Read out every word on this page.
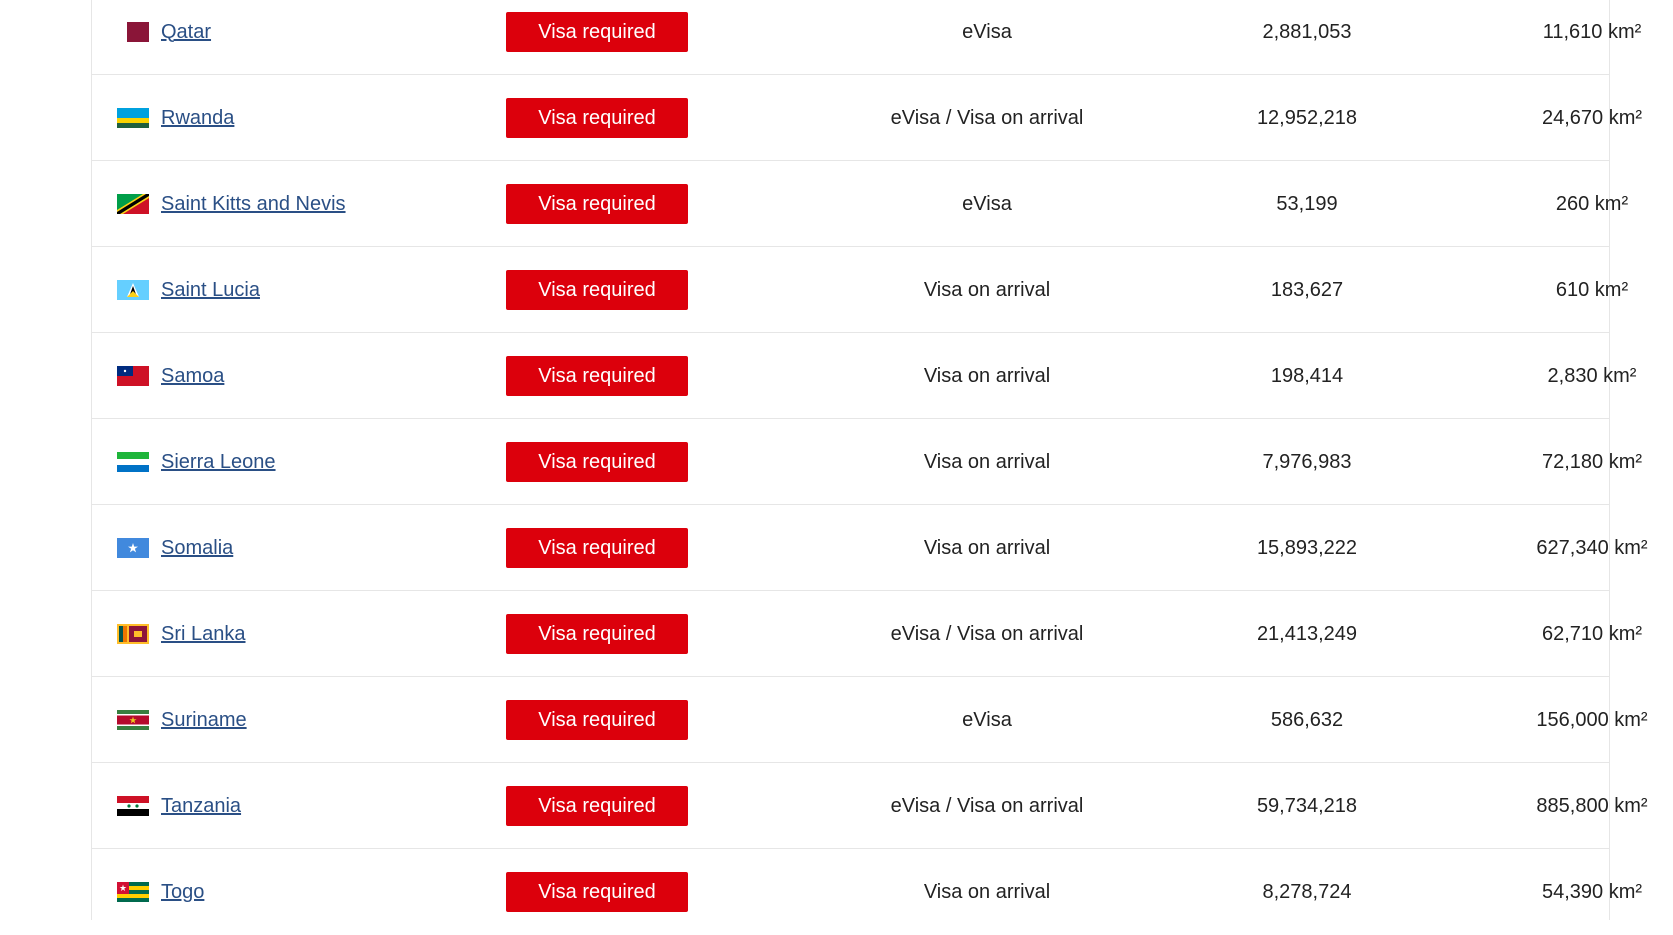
Qatar	Visa required	eVisa	2,881,053	11,610 km²
Rwanda	Visa required	eVisa / Visa on arrival	12,952,218	24,670 km²
Saint Kitts and Nevis	Visa required	eVisa	53,199	260 km²
Saint Lucia	Visa required	Visa on arrival	183,627	610 km²
Samoa	Visa required	Visa on arrival	198,414	2,830 km²
Sierra Leone	Visa required	Visa on arrival	7,976,983	72,180 km²
Somalia	Visa required	Visa on arrival	15,893,222	627,340 km²
Sri Lanka	Visa required	eVisa / Visa on arrival	21,413,249	62,710 km²
Suriname	Visa required	eVisa	586,632	156,000 km²
Tanzania	Visa required	eVisa / Visa on arrival	59,734,218	885,800 km²
Togo	Visa required	Visa on arrival	8,278,724	54,390 km²
